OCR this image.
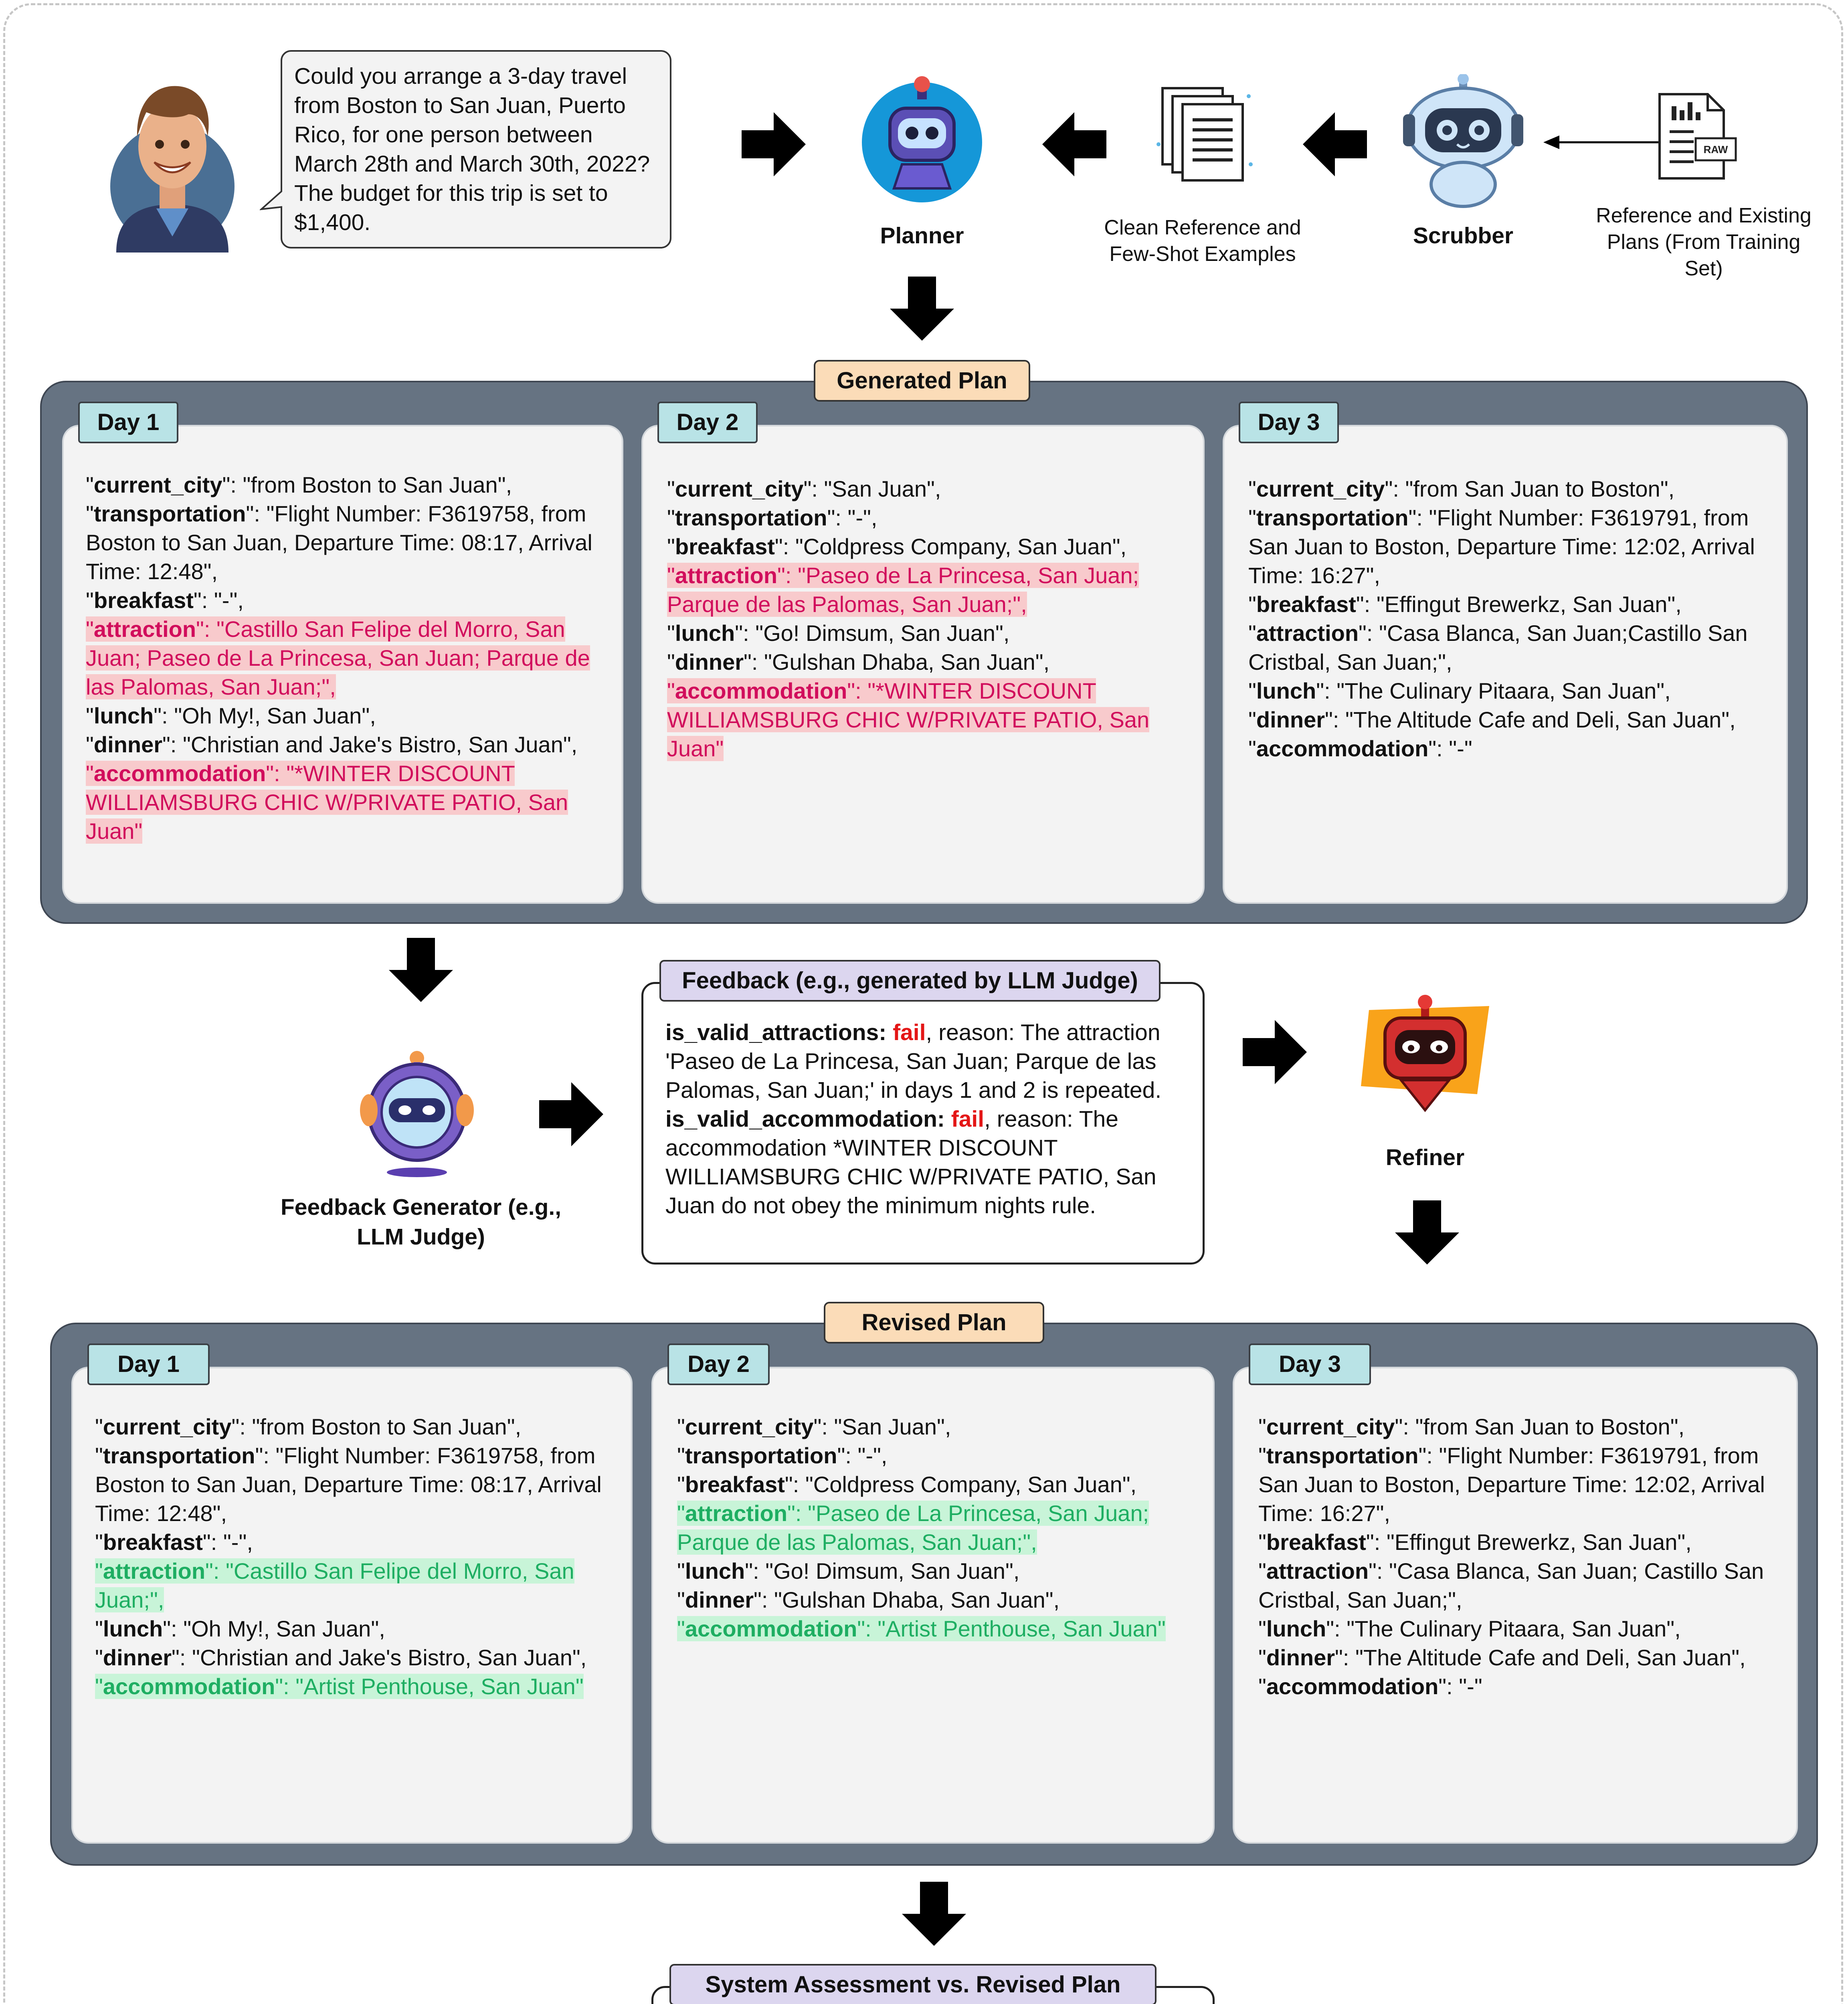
Could you arrange a 3-day travel from Boston to San Juan, Puerto Rico, for one person between March 28th and March 30th, 2022? The budget for this trip is set to $1,400.
Planner	Clean Reference and Few-Shot Examples
Scrubber
RAW
Reference and Existing Plans (From Training Set)
Generated Plan
"current_city": "from Boston to San Juan",
"transportation": "Flight Number: F3619758, from Boston to San Juan, Departure Time: 08:17, Arrival Time: 12:48",
"breakfast": "-",
"attraction": "Castillo San Felipe del Morro, San Juan; Paseo de La Princesa, San Juan; Parque de las Palomas, San Juan;",
"lunch": "Oh My!, San Juan",
"dinner": "Christian and Jake's Bistro, San Juan",
"accommodation": "*WINTER DISCOUNT WILLIAMSBURG CHIC W/PRIVATE PATIO, San Juan"
Day 1
"current_city": "San Juan",
"transportation": "-",
"breakfast": "Coldpress Company, San Juan",
"attraction": "Paseo de La Princesa, San Juan; Parque de las Palomas, San Juan;",
"lunch": "Go! Dimsum, San Juan",
"dinner": "Gulshan Dhaba, San Juan",
"accommodation": "*WINTER DISCOUNT WILLIAMSBURG CHIC W/PRIVATE PATIO, San Juan"
Day 2
"current_city": "from San Juan to Boston",
"transportation": "Flight Number: F3619791, from San Juan to Boston, Departure Time: 12:02, Arrival Time: 16:27",
"breakfast": "Effingut Brewerkz, San Juan",
"attraction": "Casa Blanca, San Juan;Castillo San Cristbal, San Juan;",
"lunch": "The Culinary Pitaara, San Juan",
"dinner": "The Altitude Cafe and Deli, San Juan",
"accommodation": "-"
Day 3
Feedback Generator (e.g., LLM Judge)
is_valid_attractions: fail, reason: The attraction 'Paseo de La Princesa, San Juan; Parque de las Palomas, San Juan;' in days 1 and 2 is repeated.
is_valid_accommodation: fail, reason: The accommodation *WINTER DISCOUNT WILLIAMSBURG CHIC W/PRIVATE PATIO, San Juan do not obey the minimum nights rule.
Feedback (e.g., generated by LLM Judge)
Refiner
Revised Plan
"current_city": "from Boston to San Juan",
"transportation": "Flight Number: F3619758, from Boston to San Juan, Departure Time: 08:17, Arrival Time: 12:48",
"breakfast": "-",
"attraction": "Castillo San Felipe del Morro, San Juan;",
"lunch": "Oh My!, San Juan",
"dinner": "Christian and Jake's Bistro, San Juan",
"accommodation": "Artist Penthouse, San Juan"
Day 1
"current_city": "San Juan",
"transportation": "-",
"breakfast": "Coldpress Company, San Juan",
"attraction": "Paseo de La Princesa, San Juan; Parque de las Palomas, San Juan;",
"lunch": "Go! Dimsum, San Juan",
"dinner": "Gulshan Dhaba, San Juan",
"accommodation": "Artist Penthouse, San Juan"
Day 2
"current_city": "from San Juan to Boston",
"transportation": "Flight Number: F3619791, from San Juan to Boston, Departure Time: 12:02, Arrival Time: 16:27",
"breakfast": "Effingut Brewerkz, San Juan",
"attraction": "Casa Blanca, San Juan; Castillo San Cristbal, San Juan;",
"lunch": "The Culinary Pitaara, San Juan",
"dinner": "The Altitude Cafe and Deli, San Juan",
"accommodation": "-"
Day 3

System Assessment vs. Revised Plan
